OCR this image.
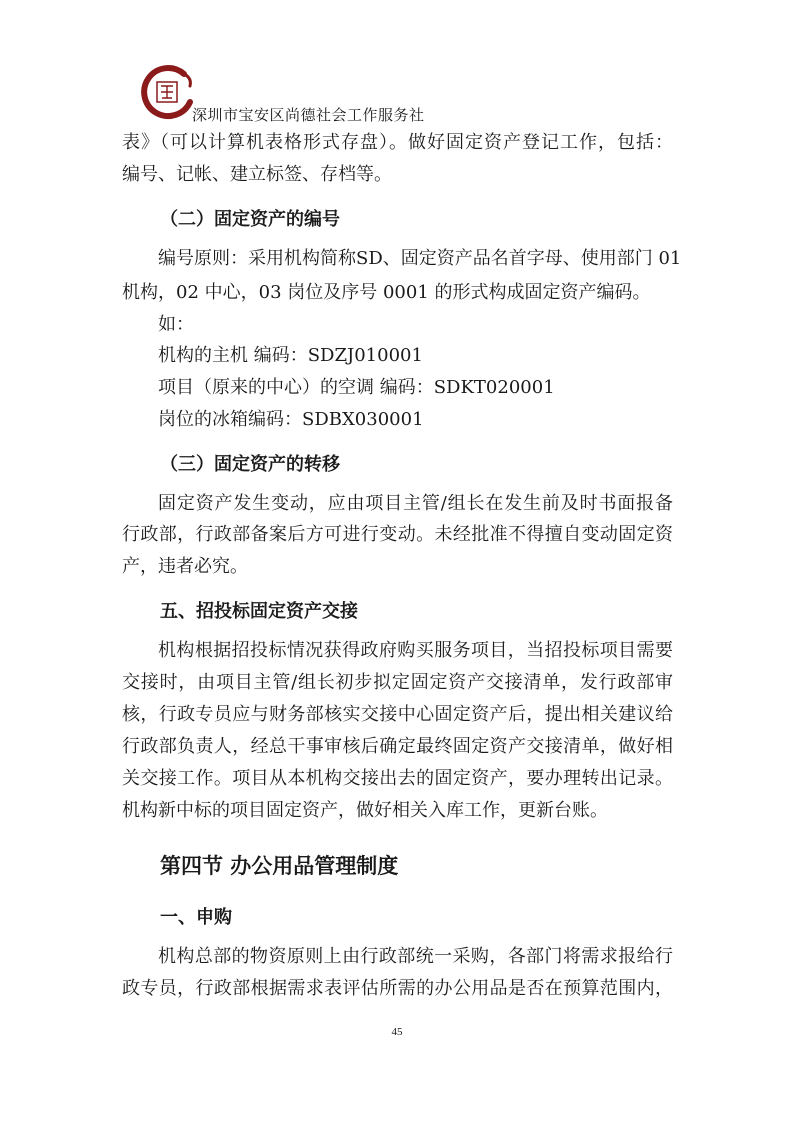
深圳市宝安区尚德社会工作服务社
表》（可以计算机表格形式存盘）。做好固定资产登记工作，包括：
编号、记帐、建立标签、存档等。
（二）固定资产的编号
编号原则：采用机构简称SD、固定资产品名首字母、使用部门 01
机构，02 中心，03 岗位及序号 0001 的形式构成固定资产编码。
如：
机构的主机 编码：SDZJ010001
项目（原来的中心）的空调 编码：SDKT020001
岗位的冰箱编码：SDBX030001
（三）固定资产的转移
固定资产发生变动，应由项目主管/组长在发生前及时书面报备
行政部，行政部备案后方可进行变动。未经批准不得擅自变动固定资
产，违者必究。
五、招投标固定资产交接
机构根据招投标情况获得政府购买服务项目，当招投标项目需要
交接时，由项目主管/组长初步拟定固定资产交接清单，发行政部审
核，行政专员应与财务部核实交接中心固定资产后，提出相关建议给
行政部负责人，经总干事审核后确定最终固定资产交接清单，做好相
关交接工作。项目从本机构交接出去的固定资产，要办理转出记录。
机构新中标的项目固定资产，做好相关入库工作，更新台账。
第四节 办公用品管理制度
一、申购
机构总部的物资原则上由行政部统一采购，各部门将需求报给行
政专员，行政部根据需求表评估所需的办公用品是否在预算范围内，
45
